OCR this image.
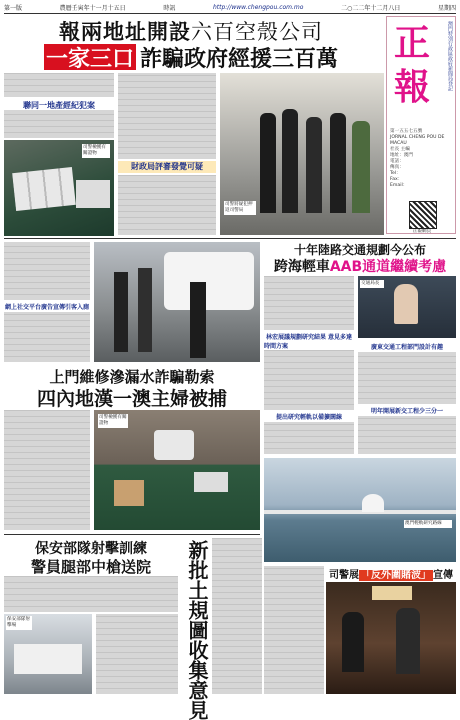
第一版	農曆壬寅年十一月十五日	時訊	http://www.chengpou.com.mo	二○二二年十二月八日	星期四
報兩地址開設六百空殼公司
一家三口 詐騙政府經援三百萬 正
報	澳門特別行政區政府新聞局登記
第一五五七五號
JORNAL CHENG POU DE MACAU
社長 主編
地址：澳門
電話：
傳真：
Tel：
Fax：
Email：
正報網頁
聯同一地產經紀犯案
司警檢獲有關證物
財政局評審發覺可疑
司警將疑犯押返司警局
網上社交平台廣告宣傳引客入廁
十年陸路交通規劃今公布
跨海輕車AAB通道繼續考慮
交通局長
林宏展議規劃研究結果 意見多達
時間方案	廣東交通工程部門設計有趣
明年開展新交工程少三分一
提出研究輕軌以備擴闊線
澳門輕軌研究路線
上門維修滲漏水詐騙勒索
四內地漢一澳主婦被捕
司警檢獲有關證物
保安部隊射擊訓練
警員腿部中槍送院
保安部隊射擊場	新批土規圖收集意見	司警展 「反外圍賭波」 宣傳
